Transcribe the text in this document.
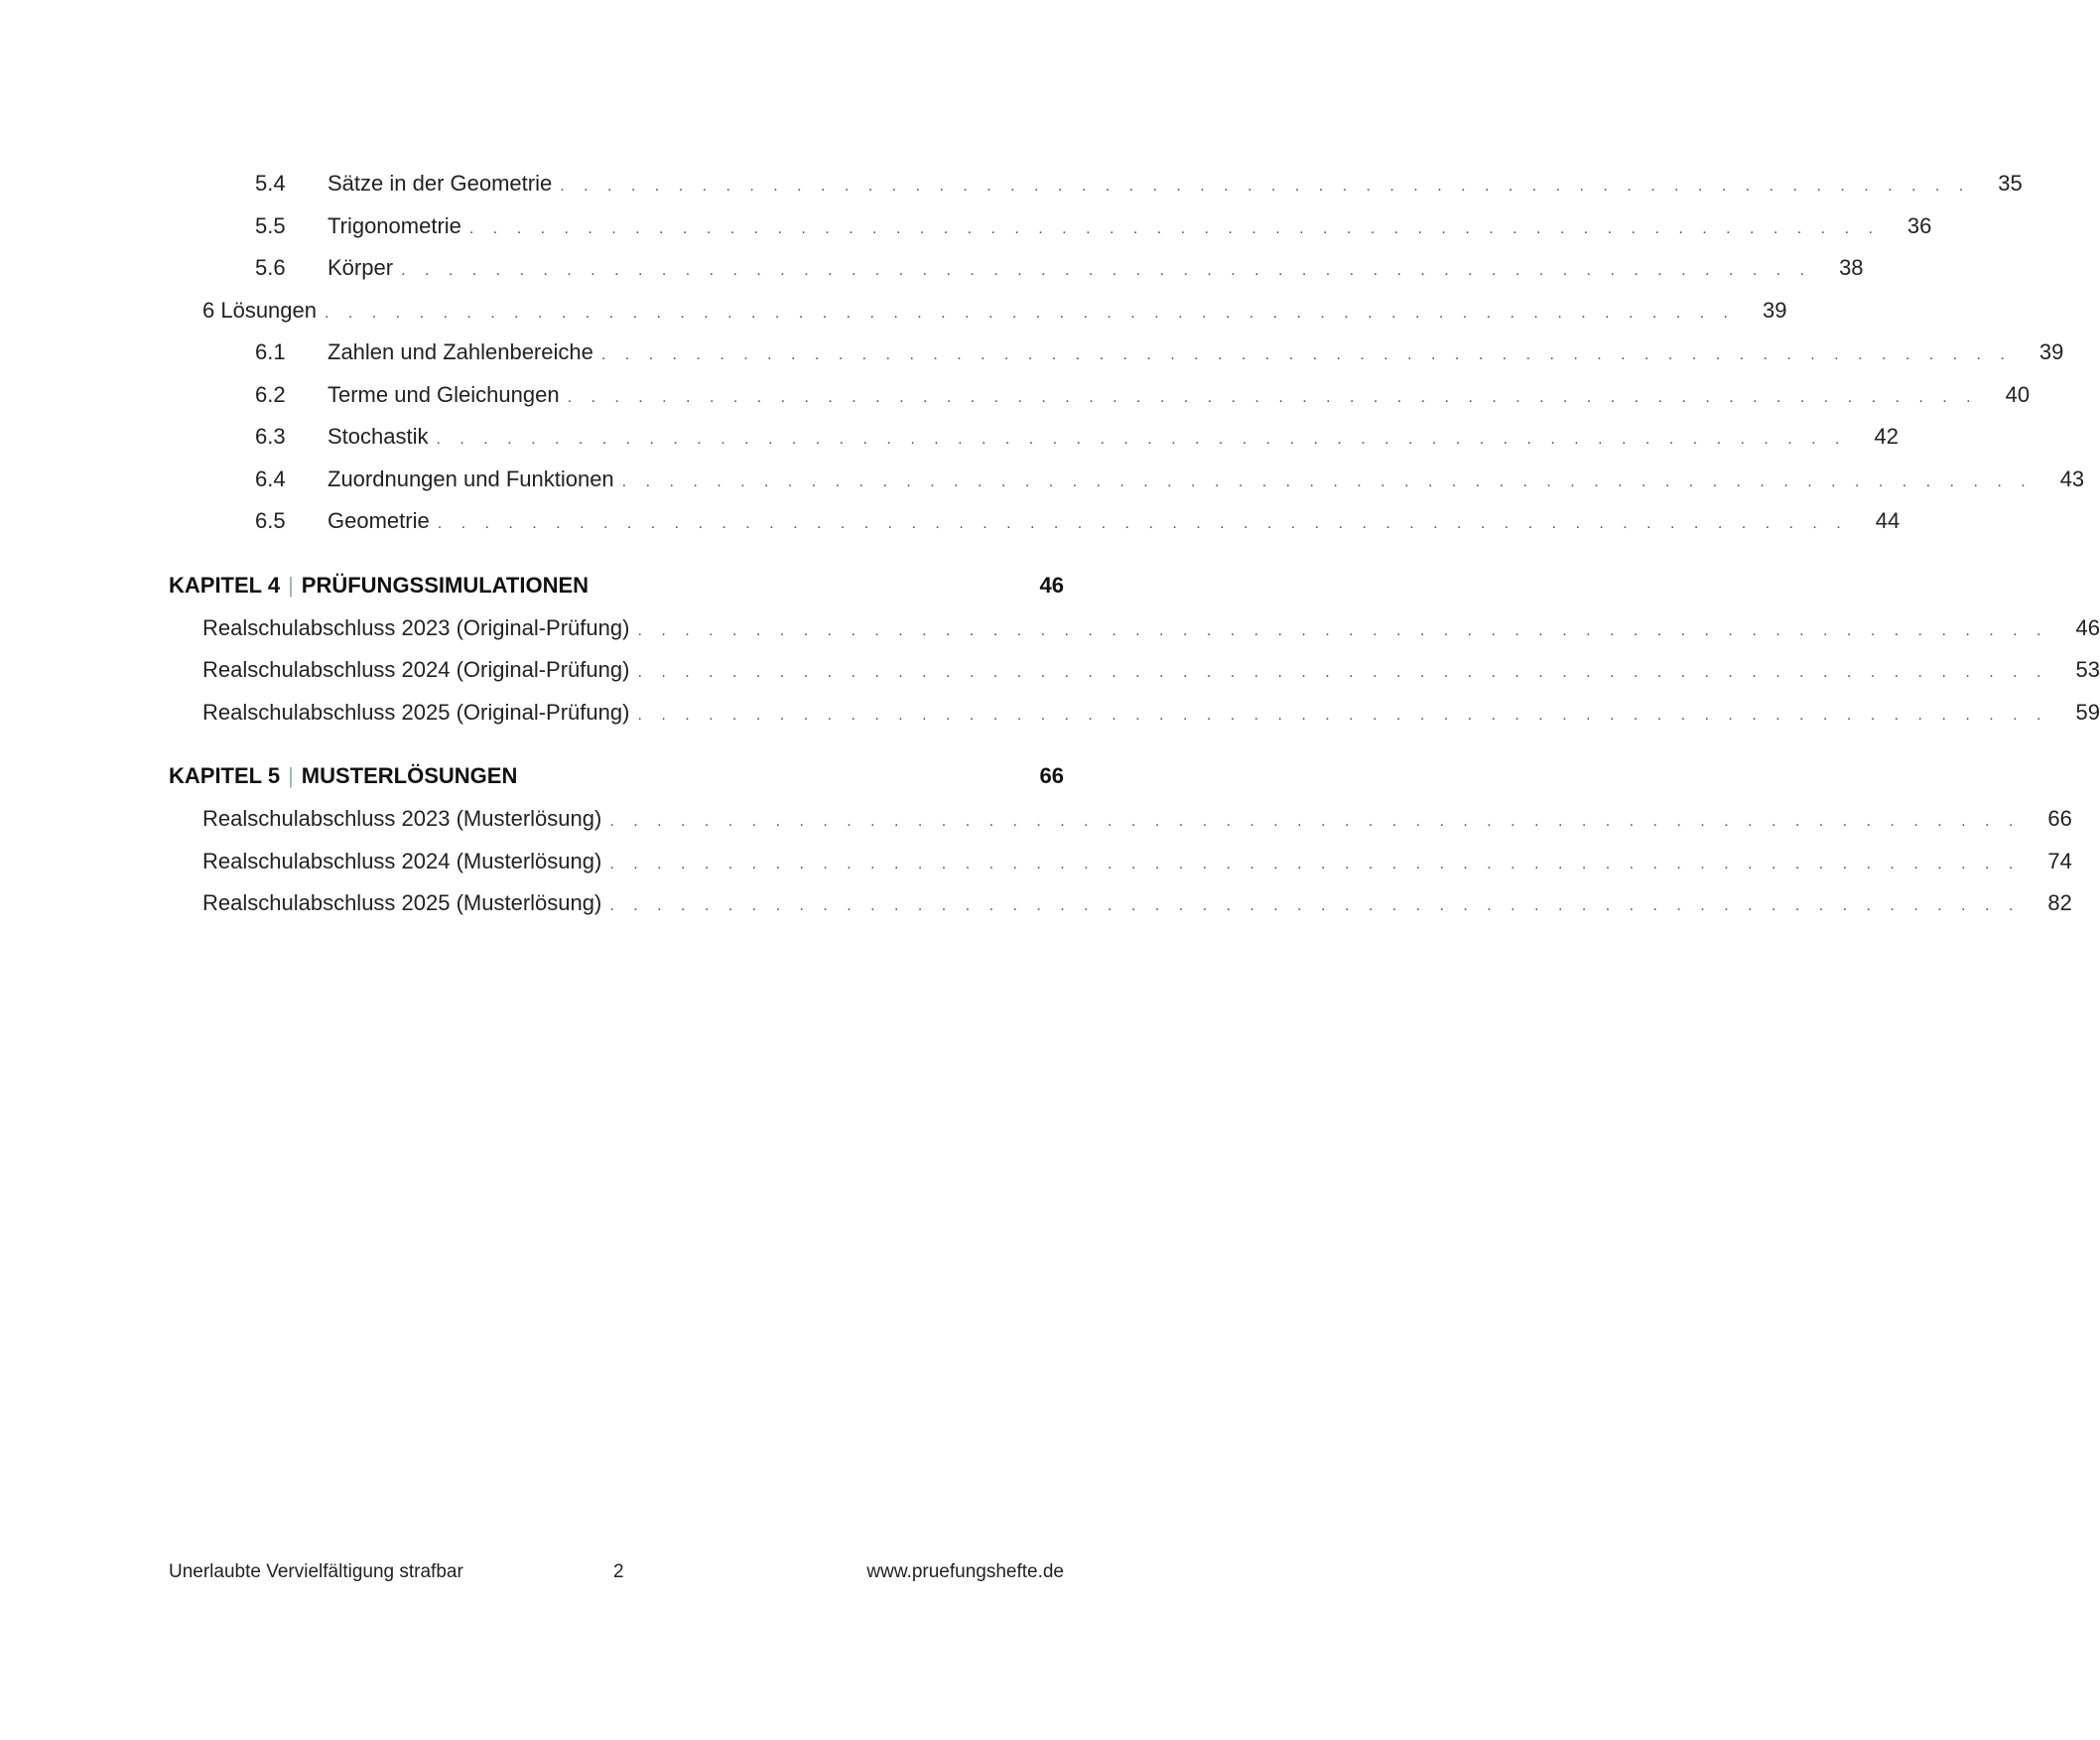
5.4	Sätze in der Geometrie . . . . . . . . . . . . . . . . . . . . . . . . . . . . . . . . . . . . . . . . . . . . . . . . . . . . . . . . . . . .	35
5.5	Trigonometrie . . . . . . . . . . . . . . . . . . . . . . . . . . . . . . . . . . . . . . . . . . . . . . . . . . . . . . . . . . . .	36
5.6	Körper . . . . . . . . . . . . . . . . . . . . . . . . . . . . . . . . . . . . . . . . . . . . . . . . . . . . . . . . . . . .	38
6 Lösungen . . . . . . . . . . . . . . . . . . . . . . . . . . . . . . . . . . . . . . . . . . . . . . . . . . . . . . . . . . . .	39
6.1	Zahlen und Zahlenbereiche . . . . . . . . . . . . . . . . . . . . . . . . . . . . . . . . . . . . . . . . . . . . . . . . . . . . . . . . . . . .	39
6.2	Terme und Gleichungen . . . . . . . . . . . . . . . . . . . . . . . . . . . . . . . . . . . . . . . . . . . . . . . . . . . . . . . . . . . .	40
6.3	Stochastik . . . . . . . . . . . . . . . . . . . . . . . . . . . . . . . . . . . . . . . . . . . . . . . . . . . . . . . . . . . .	42
6.4	Zuordnungen und Funktionen . . . . . . . . . . . . . . . . . . . . . . . . . . . . . . . . . . . . . . . . . . . . . . . . . . . . . . . . . . . .	43
6.5	Geometrie . . . . . . . . . . . . . . . . . . . . . . . . . . . . . . . . . . . . . . . . . . . . . . . . . . . . . . . . . . . .	44
KAPITEL 4 | PRÜFUNGSSIMULATIONEN	46
Realschulabschluss 2023 (Original-Prüfung) . . . . . . . . . . . . . . . . . . . . . . . . . . . . . . . . . . . . . . . . . . . . . . . . . . . . . . . . . . . .	46
Realschulabschluss 2024 (Original-Prüfung) . . . . . . . . . . . . . . . . . . . . . . . . . . . . . . . . . . . . . . . . . . . . . . . . . . . . . . . . . . . .	53
Realschulabschluss 2025 (Original-Prüfung) . . . . . . . . . . . . . . . . . . . . . . . . . . . . . . . . . . . . . . . . . . . . . . . . . . . . . . . . . . . .	59
KAPITEL 5 | MUSTERLÖSUNGEN	66
Realschulabschluss 2023 (Musterlösung) . . . . . . . . . . . . . . . . . . . . . . . . . . . . . . . . . . . . . . . . . . . . . . . . . . . . . . . . . . . .	66
Realschulabschluss 2024 (Musterlösung) . . . . . . . . . . . . . . . . . . . . . . . . . . . . . . . . . . . . . . . . . . . . . . . . . . . . . . . . . . . .	74
Realschulabschluss 2025 (Musterlösung) . . . . . . . . . . . . . . . . . . . . . . . . . . . . . . . . . . . . . . . . . . . . . . . . . . . . . . . . . . . .	82
Unerlaubte Vervielfältigung strafbar	2	www.pruefungshefte.de
